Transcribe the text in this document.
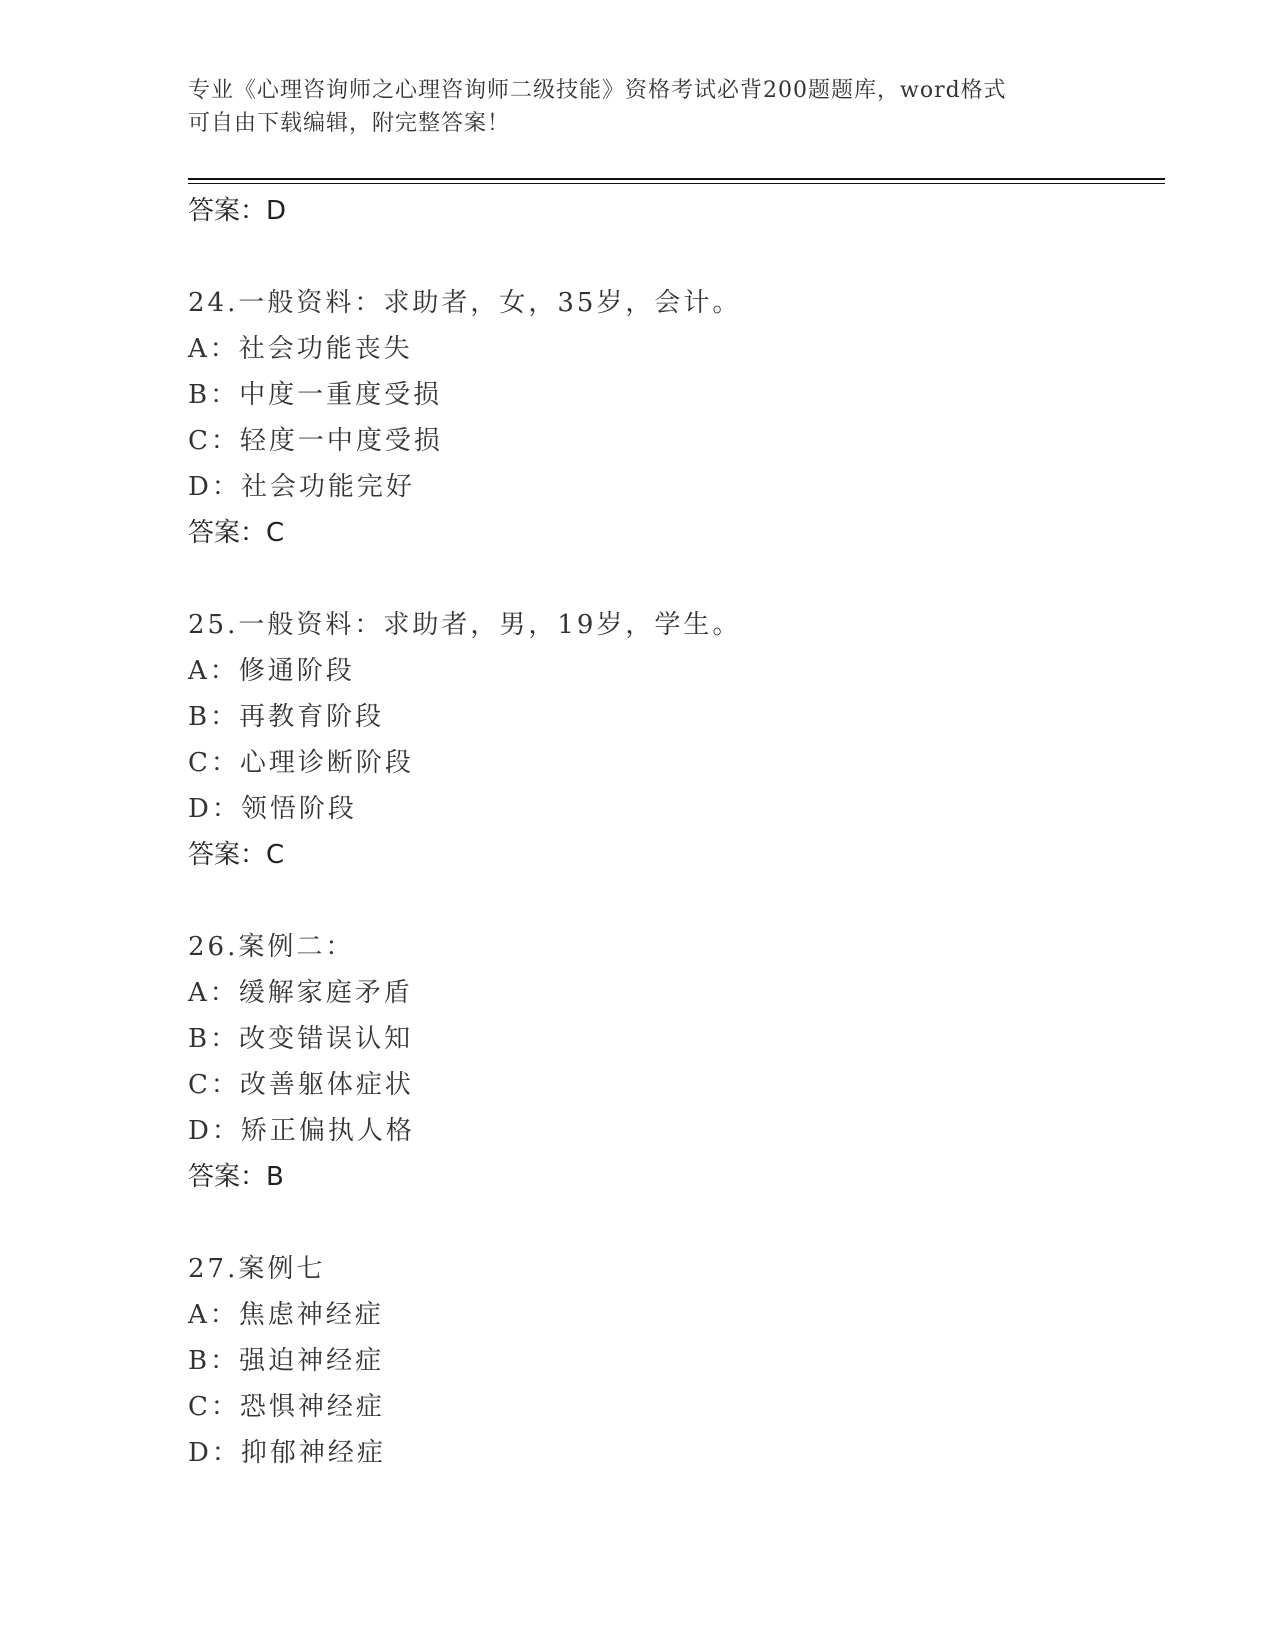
专业《心理咨询师之心理咨询师二级技能》资格考试必背200题题库，word格式
可自由下载编辑，附完整答案！
答案：D
24.一般资料：求助者，女，35岁，会计。
A：社会功能丧失
B：中度一重度受损
C：轻度一中度受损
D：社会功能完好
答案：C
25.一般资料：求助者，男，19岁，学生。
A：修通阶段
B：再教育阶段
C：心理诊断阶段
D：领悟阶段
答案：C
26.案例二：
A：缓解家庭矛盾
B：改变错误认知
C：改善躯体症状
D：矫正偏执人格
答案：B
27.案例七
A：焦虑神经症
B：强迫神经症
C：恐惧神经症
D：抑郁神经症
